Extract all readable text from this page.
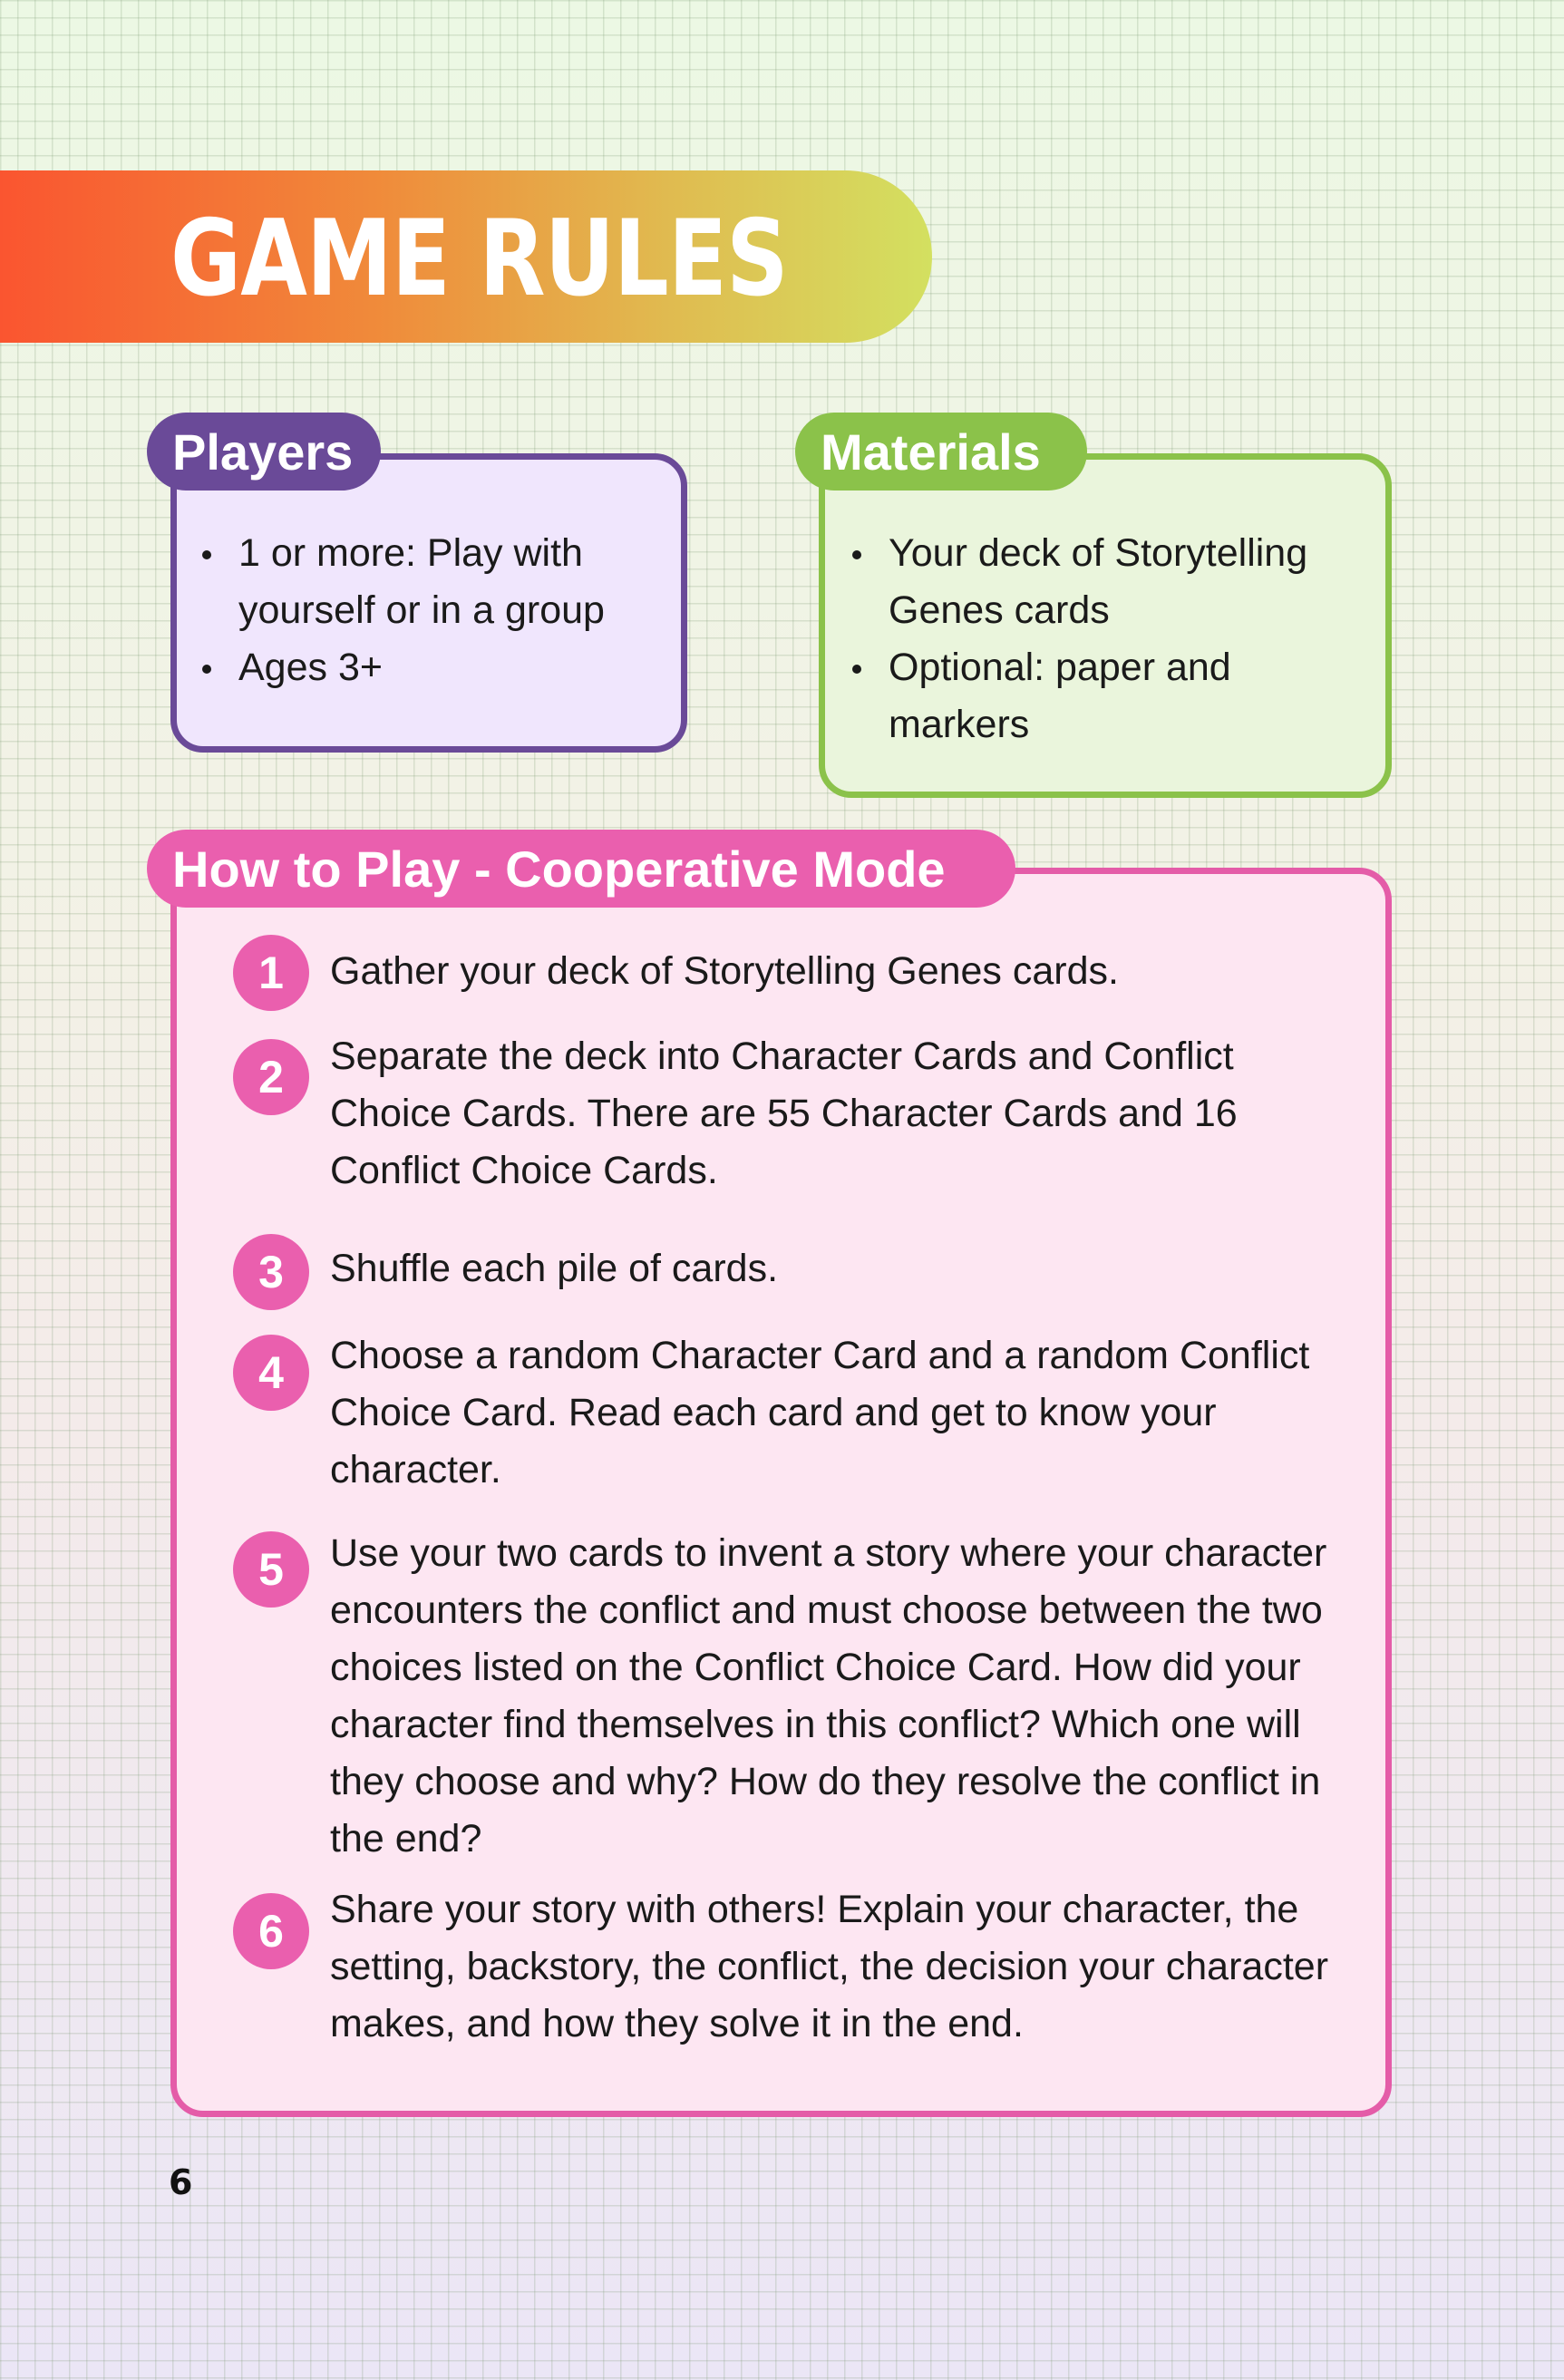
GAME RULES
Players
1 or more: Play with yourself or in a group
Ages 3+
Materials
Your deck of Storytelling Genes cards
Optional: paper and markers
How to Play - Cooperative Mode
1	Gather your deck of Storytelling Genes cards.

2	Separate the deck into Character Cards and Conflict Choice Cards. There are 55 Character Cards and 16 Conflict Choice Cards.

3	Shuffle each pile of cards.

4	Choose a random Character Card and a random Conflict Choice Card. Read each card and get to know your character.

5	Use your two cards to invent a story where your character encounters the conflict and must choose between the two choices listed on the Conflict Choice Card. How did your character find themselves in this conflict? Which one will they choose and why? How do they resolve the conflict in the end?

6	Share your story with others! Explain your character, the setting, backstory, the conflict, the decision your character makes, and how they solve it in the end.

6
